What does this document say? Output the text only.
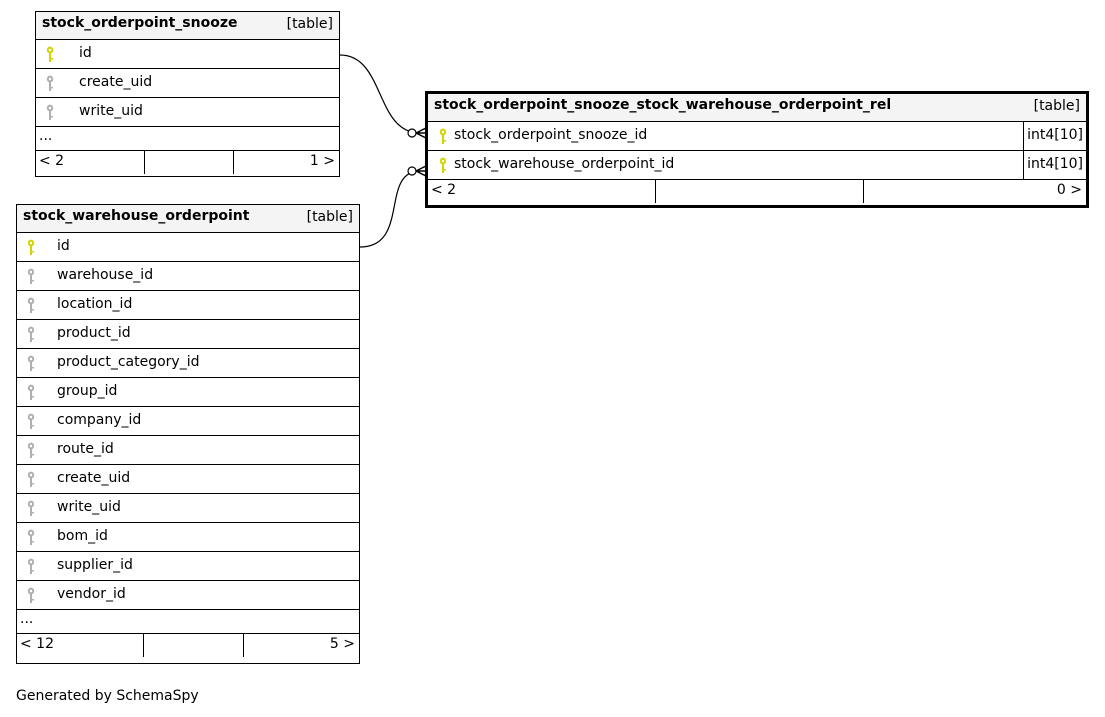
stock_orderpoint_snooze	[table]
id
create_uid
write_uid
...
< 2	1 >
stock_warehouse_orderpoint	[table]
id
warehouse_id
location_id
product_id
product_category_id
group_id
company_id
route_id
create_uid
write_uid
bom_id
supplier_id
vendor_id
...
< 12	5 >
stock_orderpoint_snooze_stock_warehouse_orderpoint_rel	[table]
stock_orderpoint_snooze_id	int4[10]
stock_warehouse_orderpoint_id	int4[10]
< 2	0 >
Generated by SchemaSpy
